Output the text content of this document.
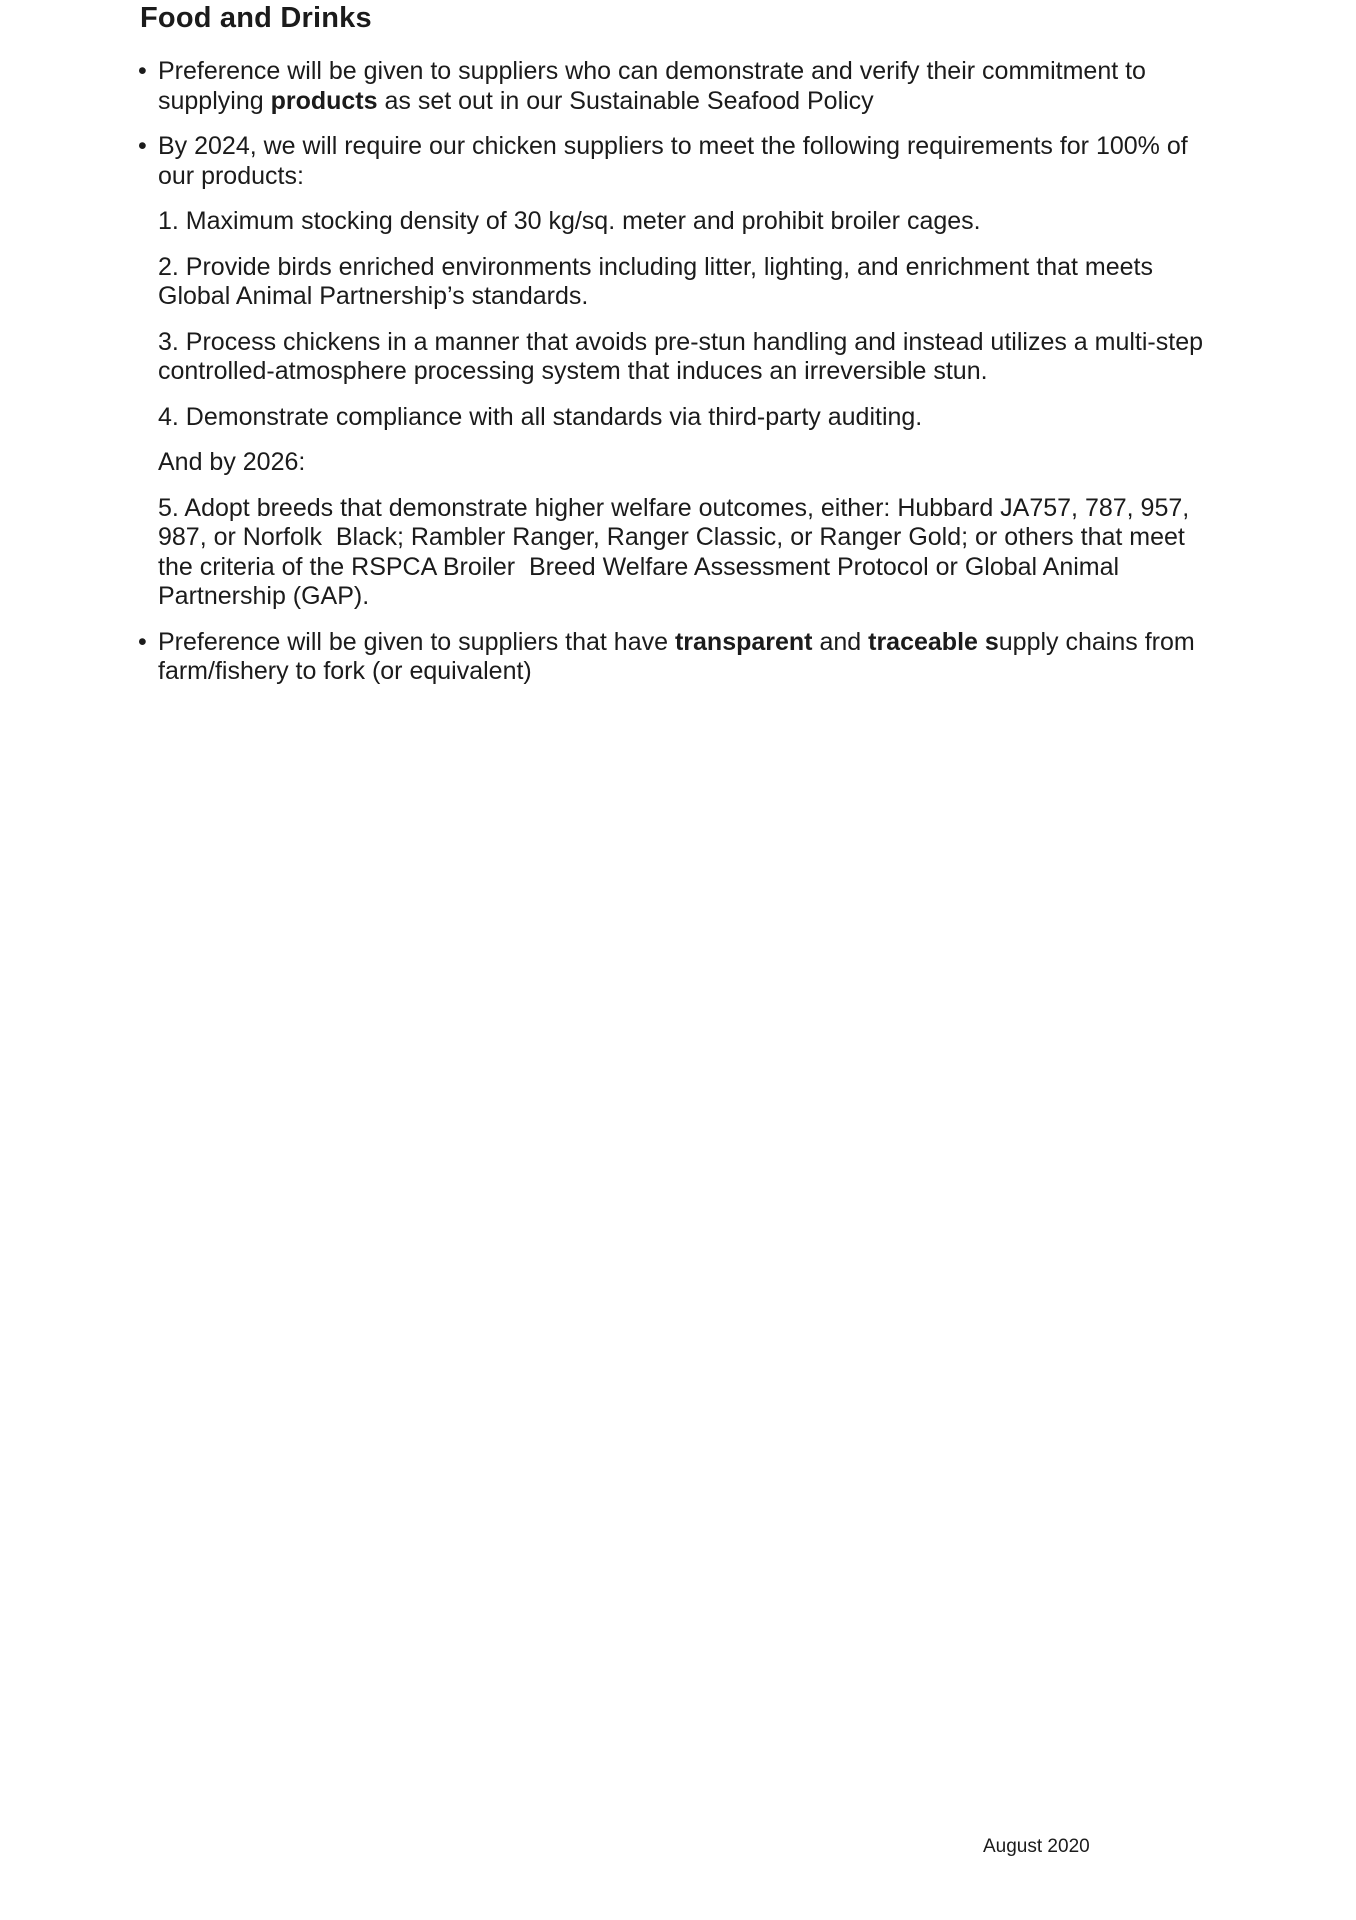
Food and Drinks
• Preference will be given to suppliers who can demonstrate and verify their commitment to supplying products as set out in our Sustainable Seafood Policy
• By 2024, we will require our chicken suppliers to meet the following requirements for 100% of our products:
1. Maximum stocking density of 30 kg/sq. meter and prohibit broiler cages.
2. Provide birds enriched environments including litter, lighting, and enrichment that meets Global Animal Partnership’s standards.
3. Process chickens in a manner that avoids pre-stun handling and instead utilizes a multi-step controlled-atmosphere processing system that induces an irreversible stun.
4. Demonstrate compliance with all standards via third-party auditing.
And by 2026:
5. Adopt breeds that demonstrate higher welfare outcomes, either: Hubbard JA757, 787, 957, 987, or Norfolk  Black; Rambler Ranger, Ranger Classic, or Ranger Gold; or others that meet the criteria of the RSPCA Broiler  Breed Welfare Assessment Protocol or Global Animal Partnership (GAP).
• Preference will be given to suppliers that have transparent and traceable supply chains from farm/fishery to fork (or equivalent)
August 2020
